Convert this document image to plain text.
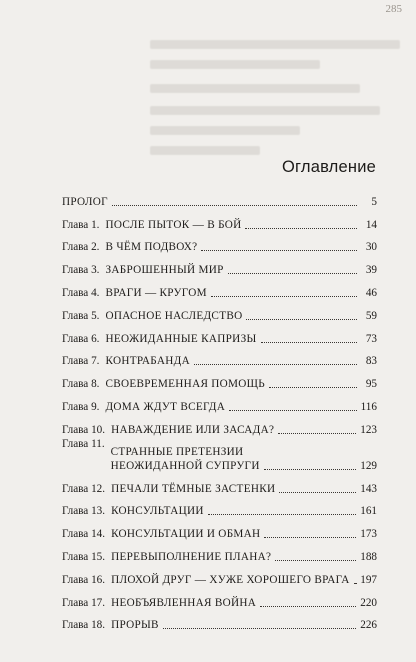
285
Оглавление
ПРОЛОГ	5
Глава 1. ПОСЛЕ ПЫТОК — В БОЙ	14
Глава 2. В ЧЁМ ПОДВОХ?	30
Глава 3. ЗАБРОШЕННЫЙ МИР	39
Глава 4. ВРАГИ — КРУГОМ	46
Глава 5. ОПАСНОЕ НАСЛЕДСТВО	59
Глава 6. НЕОЖИДАННЫЕ КАПРИЗЫ	73
Глава 7. КОНТРАБАНДА	83
Глава 8. СВОЕВРЕМЕННАЯ ПОМОЩЬ	95
Глава 9. ДОМА ЖДУТ ВСЕГДА	116
Глава 10. НАВАЖДЕНИЕ ИЛИ ЗАСАДА?	123
Глава 11.
СТРАННЫЕ ПРЕТЕНЗИИ
НЕОЖИДАННОЙ СУПРУГИ	129
Глава 12. ПЕЧАЛИ ТЁМНЫЕ ЗАСТЕНКИ	143
Глава 13. КОНСУЛЬТАЦИИ	161
Глава 14. КОНСУЛЬТАЦИИ И ОБМАН	173
Глава 15. ПЕРЕВЫПОЛНЕНИЕ ПЛАНА?	188
Глава 16. ПЛОХОЙ ДРУГ — ХУЖЕ ХОРОШЕГО ВРАГА 197
Глава 17. НЕОБЪЯВЛЕННАЯ ВОЙНА	220
Глава 18. ПРОРЫВ	226
